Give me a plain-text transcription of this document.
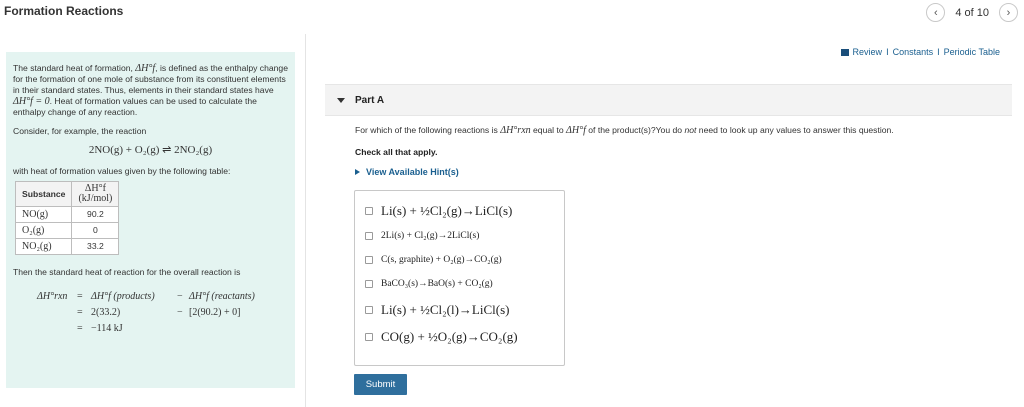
Formation Reactions	‹	4 of 10	›

The standard heat of formation, ΔH°f, is defined as the enthalpy change for the formation of one mole of substance from its constituent elements in their standard states. Thus, elements in their standard states have ΔH°f = 0. Heat of formation values can be used to calculate the enthalpy change of any reaction.

Consider, for example, the reaction

2NO(g) + O₂(g) ⇌ 2NO₂(g)
with heat of formation values given by the following table:
Substance	ΔH°f
(kJ/mol)

NO(g)	90.2
O₂(g)	0
NO₂(g)	33.2
Then the standard heat of reaction for the overall reaction is
ΔH°rxn = ΔH°f (products)	− ΔH°f (reactants)
= 2(33.2)	− [2(90.2) + 0]
= −114 kJ
Review I Constants I Periodic Table
Part A
For which of the following reactions is ΔH°rxn equal to ΔH°f of the product(s)?You do not need to look up any values to answer this question.
Check all that apply.
View Available Hint(s)
Li(s) + ½Cl₂(g)→LiCl(s)
2Li(s) + Cl₂(g)→2LiCl(s)
C(s, graphite) + O₂(g)→CO₂(g)
BaCO₃(s)→BaO(s) + CO₂(g)
Li(s) + ½Cl₂(l)→LiCl(s)
CO(g) + ½O₂(g)→CO₂(g)
Submit
